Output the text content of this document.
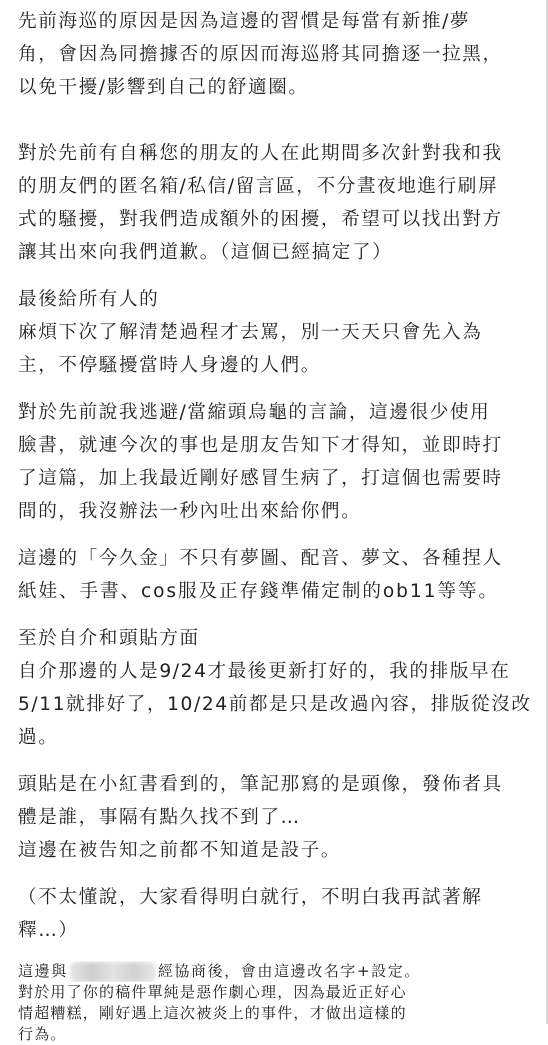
先前海巡的原因是因為這邊的習慣是每當有新推/夢
角，會因為同擔據否的原因而海巡將其同擔逐一拉黑，
以免干擾/影響到自己的舒適圈。
對於先前有自稱您的朋友的人在此期間多次針對我和我
的朋友們的匿名箱/私信/留言區，不分晝夜地進行刷屏
式的騷擾，對我們造成額外的困擾，希望可以找出對方
讓其出來向我們道歉。（這個已經搞定了）
最後給所有人的
麻煩下次了解清楚過程才去罵，別一天天只會先入為
主，不停騷擾當時人身邊的人們。
對於先前說我逃避/當縮頭烏龜的言論，這邊很少使用
臉書，就連今次的事也是朋友告知下才得知，並即時打
了這篇，加上我最近剛好感冒生病了，打這個也需要時
間的，我沒辦法一秒內吐出來給你們。
這邊的「今久金」不只有夢圖、配音、夢文、各種捏人
紙娃、手書、cos服及正存錢準備定制的ob11等等。
至於自介和頭貼方面
自介那邊的人是9/24才最後更新打好的，我的排版早在
5/11就排好了，10/24前都是只是改過內容，排版從沒改
過。
頭貼是在小紅書看到的，筆記那寫的是頭像，發佈者具
體是誰，事隔有點久找不到了…
這邊在被告知之前都不知道是設子。
（不太懂說，大家看得明白就行，不明白我再試著解
釋…）
這邊與	經協商後，會由這邊改名字+設定。
對於用了你的稿件單純是惡作劇心理，因為最近正好心
情超糟糕，剛好遇上這次被炎上的事件，才做出這樣的
行為。
